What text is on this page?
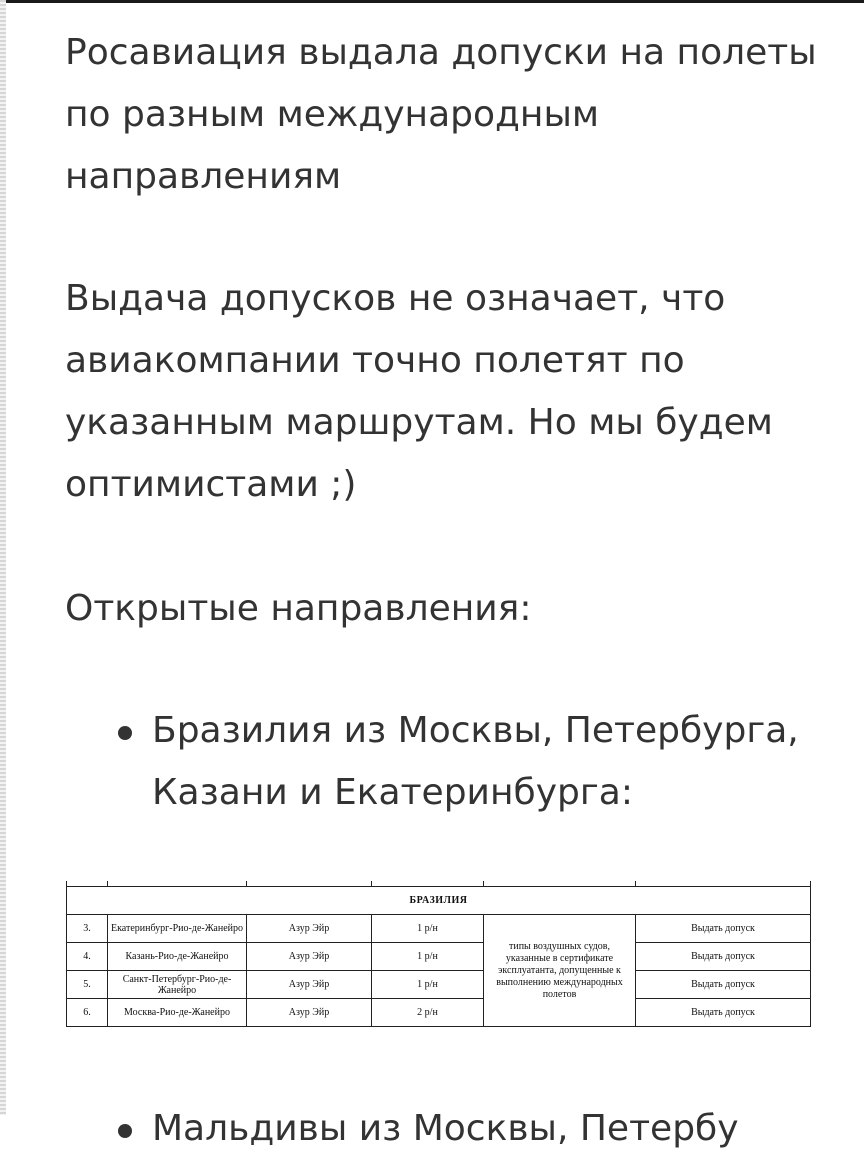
Росавиация выдала допуски на полеты по разным международным направлениям

Выдача допусков не означает, что авиакомпании точно полетят по указанным маршрутам. Но мы будем оптимистами ;)

Открытые направления:

Бразилия из Москвы, Петербурга, Казани и Екатеринбурга:

БРАЗИЛИЯ					
3.	Екатеринбург-Рио-де-Жанейро	Азур Эйр	1 р/н	типы воздушных судов, указанные в сертификате эксплуатанта, допущенные к выполнению международных полетов	Выдать допуск
4.	Казань-Рио-де-Жанейро	Азур Эйр	1 р/н		Выдать допуск
5.	Санкт-Петербург-Рио-де-Жанейро	Азур Эйр	1 р/н		Выдать допуск
6.	Москва-Рио-де-Жанейро	Азур Эйр	2 р/н		Выдать допуск
Мальдивы из Москвы, Петербу
